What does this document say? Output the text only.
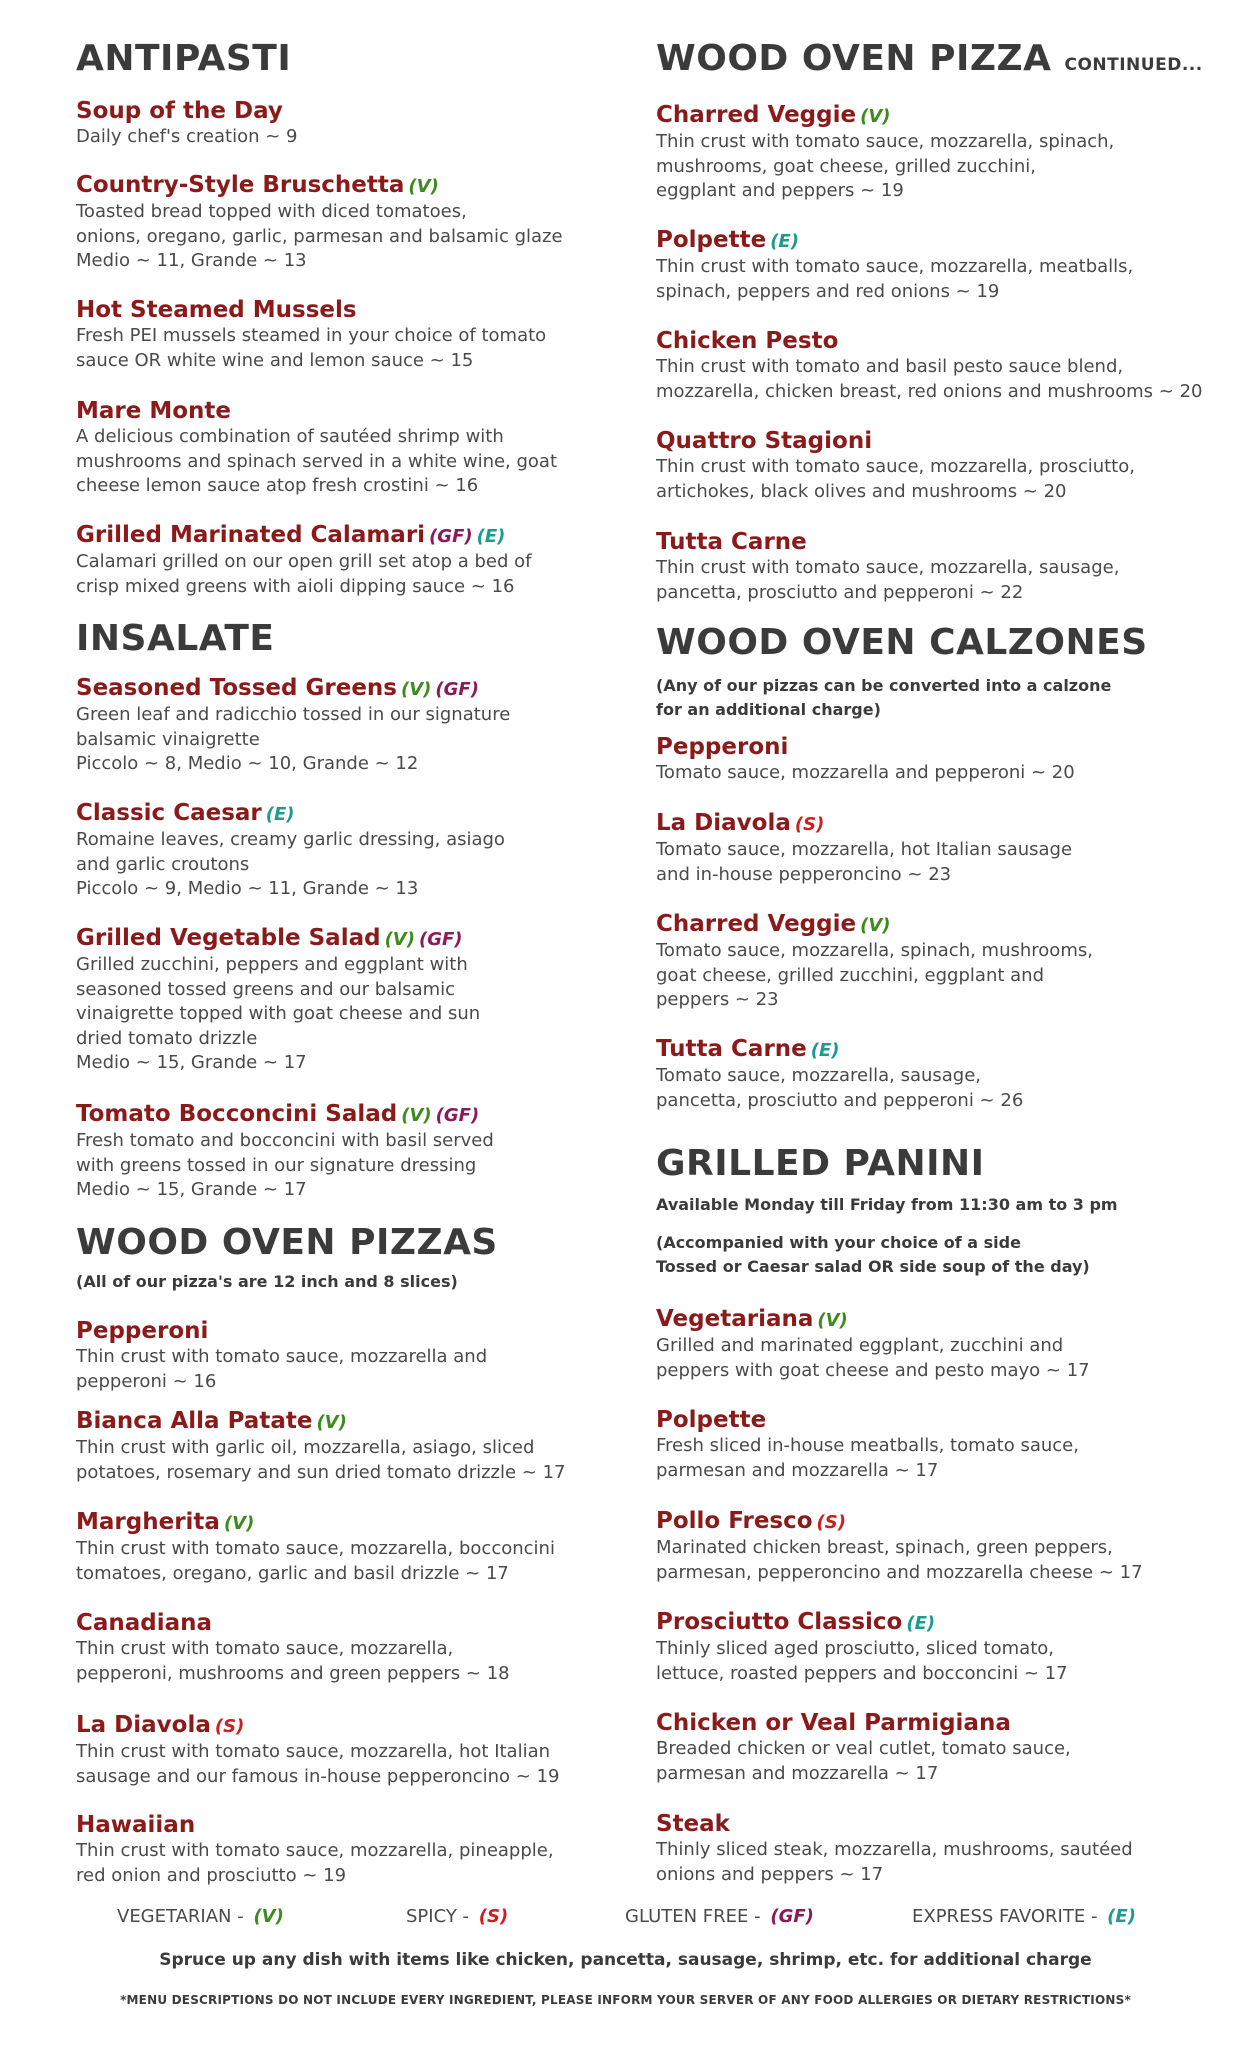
ANTIPASTI
Soup of the Day
Daily chef's creation ~ 9
Country-Style Bruschetta (V)
Toasted bread topped with diced tomatoes,
onions, oregano, garlic, parmesan and balsamic glaze
Medio ~ 11, Grande ~ 13
Hot Steamed Mussels
Fresh PEI mussels steamed in your choice of tomato
sauce OR white wine and lemon sauce ~ 15
Mare Monte
A delicious combination of sautéed shrimp with
mushrooms and spinach served in a white wine, goat
cheese lemon sauce atop fresh crostini ~ 16
Grilled Marinated Calamari (GF) (E)
Calamari grilled on our open grill set atop a bed of
crisp mixed greens with aioli dipping sauce ~ 16
INSALATE
Seasoned Tossed Greens (V) (GF)
Green leaf and radicchio tossed in our signature
balsamic vinaigrette
Piccolo ~ 8, Medio ~ 10, Grande ~ 12
Classic Caesar (E)
Romaine leaves, creamy garlic dressing, asiago
and garlic croutons
Piccolo ~ 9, Medio ~ 11, Grande ~ 13
Grilled Vegetable Salad (V) (GF)
Grilled zucchini, peppers and eggplant with
seasoned tossed greens and our balsamic
vinaigrette topped with goat cheese and sun
dried tomato drizzle
Medio ~ 15, Grande ~ 17
Tomato Bocconcini Salad (V) (GF)
Fresh tomato and bocconcini with basil served
with greens tossed in our signature dressing
Medio ~ 15, Grande ~ 17
WOOD OVEN PIZZAS
(All of our pizza's are 12 inch and 8 slices)
Pepperoni
Thin crust with tomato sauce, mozzarella and
pepperoni ~ 16
Bianca Alla Patate (V)
Thin crust with garlic oil, mozzarella, asiago, sliced
potatoes, rosemary and sun dried tomato drizzle ~ 17
Margherita (V)
Thin crust with tomato sauce, mozzarella, bocconcini
tomatoes, oregano, garlic and basil drizzle ~ 17
Canadiana
Thin crust with tomato sauce, mozzarella,
pepperoni, mushrooms and green peppers ~ 18
La Diavola (S)
Thin crust with tomato sauce, mozzarella, hot Italian
sausage and our famous in-house pepperoncino ~ 19
Hawaiian
Thin crust with tomato sauce, mozzarella, pineapple,
red onion and prosciutto ~ 19
WOOD OVEN PIZZA CONTINUED...
Charred Veggie (V)
Thin crust with tomato sauce, mozzarella, spinach,
mushrooms, goat cheese, grilled zucchini,
eggplant and peppers ~ 19
Polpette (E)
Thin crust with tomato sauce, mozzarella, meatballs,
spinach, peppers and red onions ~ 19
Chicken Pesto
Thin crust with tomato and basil pesto sauce blend,
mozzarella, chicken breast, red onions and mushrooms ~ 20
Quattro Stagioni
Thin crust with tomato sauce, mozzarella, prosciutto,
artichokes, black olives and mushrooms ~ 20
Tutta Carne
Thin crust with tomato sauce, mozzarella, sausage,
pancetta, prosciutto and pepperoni ~ 22
WOOD OVEN CALZONES
(Any of our pizzas can be converted into a calzone
for an additional charge)
Pepperoni
Tomato sauce, mozzarella and pepperoni ~ 20
La Diavola (S)
Tomato sauce, mozzarella, hot Italian sausage
and in-house pepperoncino ~ 23
Charred Veggie (V)
Tomato sauce, mozzarella, spinach, mushrooms,
goat cheese, grilled zucchini, eggplant and
peppers ~ 23
Tutta Carne (E)
Tomato sauce, mozzarella, sausage,
pancetta, prosciutto and pepperoni ~ 26
GRILLED PANINI
Available Monday till Friday from 11:30 am to 3 pm
(Accompanied with your choice of a side
Tossed or Caesar salad OR side soup of the day)
Vegetariana (V)
Grilled and marinated eggplant, zucchini and
peppers with goat cheese and pesto mayo ~ 17
Polpette
Fresh sliced in-house meatballs, tomato sauce,
parmesan and mozzarella ~ 17
Pollo Fresco (S)
Marinated chicken breast, spinach, green peppers,
parmesan, pepperoncino and mozzarella cheese ~ 17
Prosciutto Classico (E)
Thinly sliced aged prosciutto, sliced tomato,
lettuce, roasted peppers and bocconcini ~ 17
Chicken or Veal Parmigiana
Breaded chicken or veal cutlet, tomato sauce,
parmesan and mozzarella ~ 17
Steak
Thinly sliced steak, mozzarella, mushrooms, sautéed
onions and peppers ~ 17
VEGETARIAN - (V)	SPICY - (S)	GLUTEN FREE - (GF)	EXPRESS FAVORITE - (E)
Spruce up any dish with items like chicken, pancetta, sausage, shrimp, etc. for additional charge
*MENU DESCRIPTIONS DO NOT INCLUDE EVERY INGREDIENT, PLEASE INFORM YOUR SERVER OF ANY FOOD ALLERGIES OR DIETARY RESTRICTIONS*
